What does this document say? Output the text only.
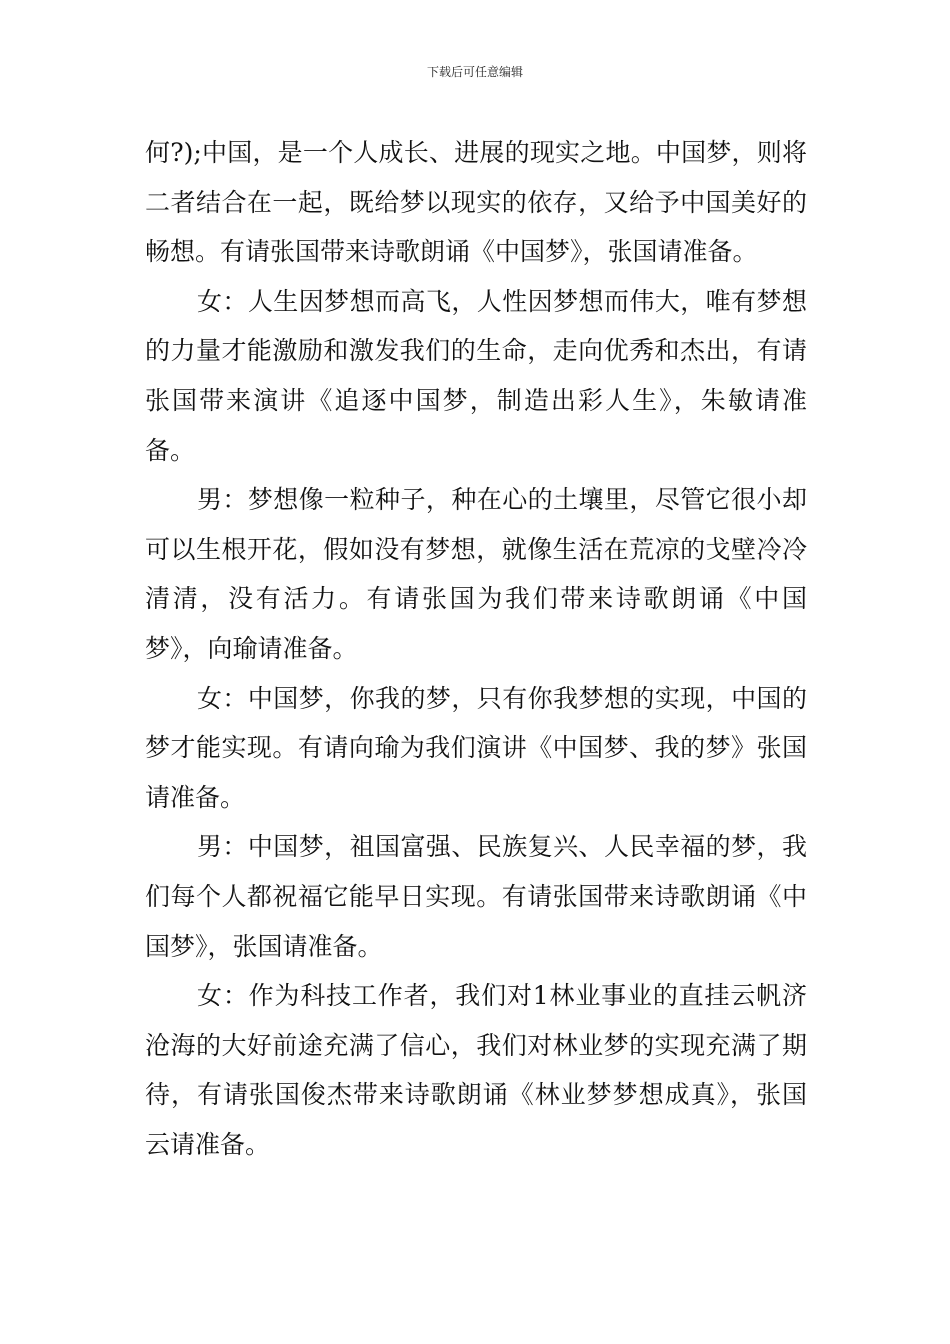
下载后可任意编辑

何?);中国，是一个人成长、进展的现实之地。中国梦，则将二者结合在一起，既给梦以现实的依存，又给予中国美好的畅想。有请张国带来诗歌朗诵《中国梦》，张国请准备。

女：人生因梦想而高飞，人性因梦想而伟大，唯有梦想的力量才能激励和激发我们的生命，走向优秀和杰出，有请张国带来演讲《追逐中国梦，制造出彩人生》，朱敏请准备。

男：梦想像一粒种子，种在心的土壤里，尽管它很小却可以生根开花，假如没有梦想，就像生活在荒凉的戈壁冷冷清清，没有活力。有请张国为我们带来诗歌朗诵《中国梦》，向瑜请准备。

女：中国梦，你我的梦，只有你我梦想的实现，中国的梦才能实现。有请向瑜为我们演讲《中国梦、我的梦》张国请准备。

男：中国梦，祖国富强、民族复兴、人民幸福的梦，我们每个人都祝福它能早日实现。有请张国带来诗歌朗诵《中国梦》，张国请准备。

女：作为科技工作者，我们对1林业事业的直挂云帆济沧海的大好前途充满了信心，我们对林业梦的实现充满了期待，有请张国俊杰带来诗歌朗诵《林业梦梦想成真》，张国云请准备。
